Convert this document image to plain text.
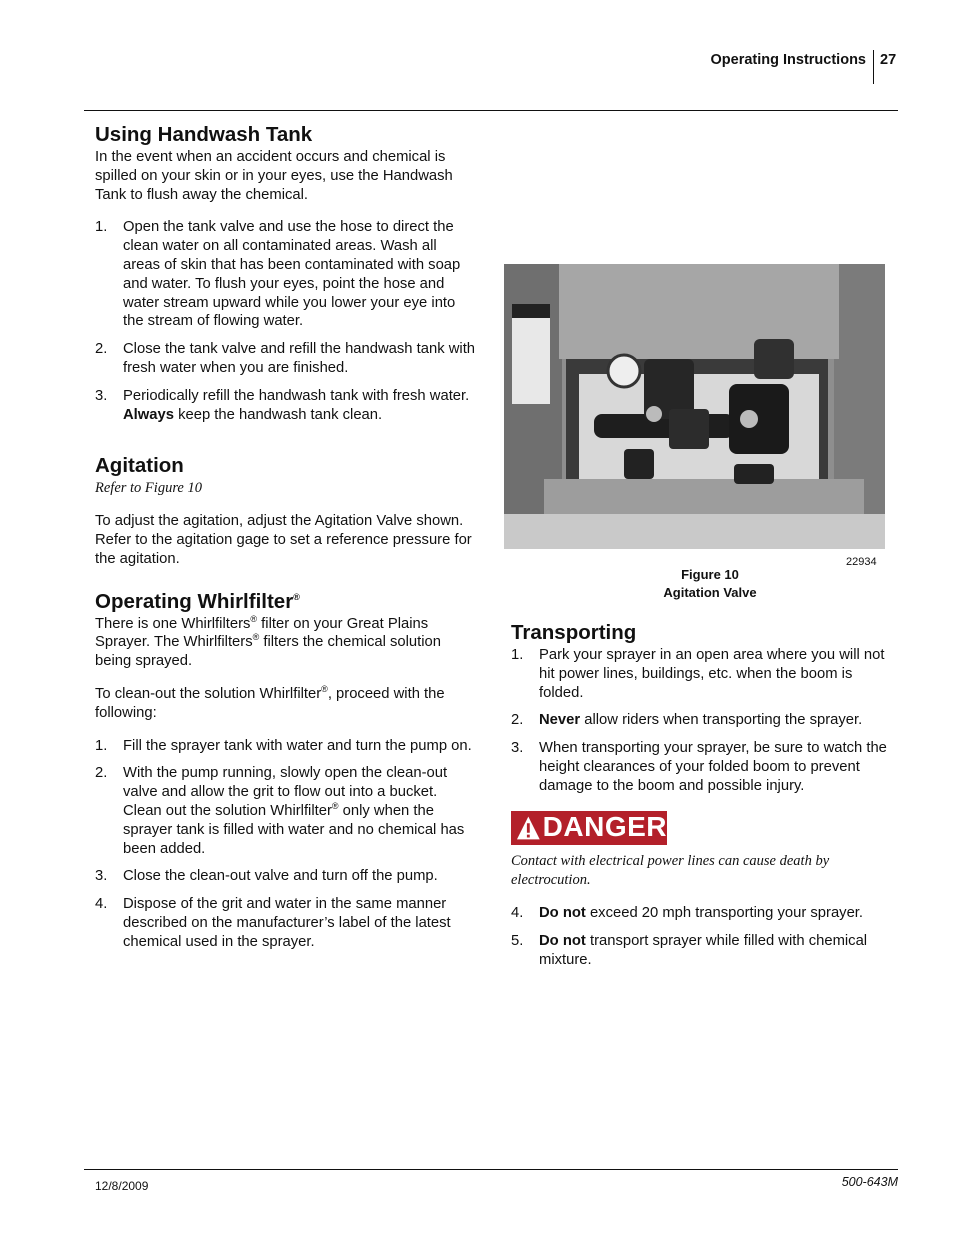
Operating Instructions 27
12/8/2009	500-643M
Using Handwash Tank

In the event when an accident occurs and chemical is spilled on your skin or in your eyes, use the Handwash Tank to flush away the chemical.

1.	Open the tank valve and use the hose to direct the clean water on all contaminated areas. Wash all areas of skin that has been contaminated with soap and water. To flush your eyes, point the hose and water stream upward while you lower your eye into the stream of flowing water.
2.	Close the tank valve and refill the handwash tank with fresh water when you are finished.
3.	Periodically refill the handwash tank with fresh water. Always keep the handwash tank clean.
Agitation

Refer to Figure 10

To adjust the agitation, adjust the Agitation Valve shown. Refer to the agitation gage to set a reference pressure for the agitation.

Operating Whirlfilter®

There is one Whirlfilters® filter on your Great Plains Sprayer. The Whirlfilters® filters the chemical solution being sprayed.

To clean-out the solution Whirlfilter®, proceed with the following:

1.	Fill the sprayer tank with water and turn the pump on.
2.	With the pump running, slowly open the clean-out valve and allow the grit to flow out into a bucket. Clean out the solution Whirlfilter® only when the sprayer tank is filled with water and no chemical has been added.
3.	Close the clean-out valve and turn off the pump.
4.	Dispose of the grit and water in the same manner described on the manufacturer’s label of the latest chemical used in the sprayer.
22934
Figure 10
Agitation Valve
Transporting
1.	Park your sprayer in an open area where you will not hit power lines, buildings, etc. when the boom is folded.
2.	Never allow riders when transporting the sprayer.
3.	When transporting your sprayer, be sure to watch the height clearances of your folded boom to prevent damage to the boom and possible injury.
DANGER

Contact with electrical power lines can cause death by electrocution.

4.	Do not exceed 20 mph transporting your sprayer.
5.	Do not transport sprayer while filled with chemical mixture.
